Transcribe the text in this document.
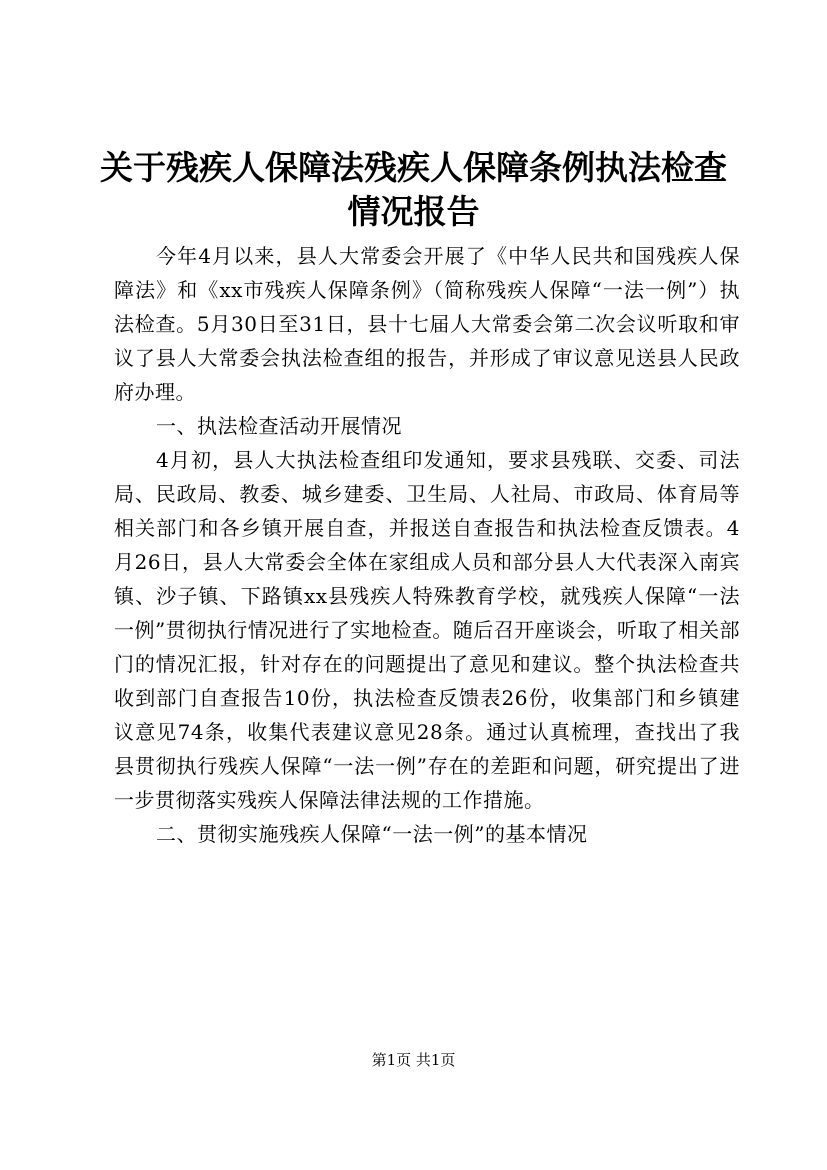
关于残疾人保障法残疾人保障条例执法检查情况报告

今年4月以来，县人大常委会开展了《中华人民共和国残疾人保障法》和《xx市残疾人保障条例》（简称残疾人保障“一法一例”）执法检查。5月30日至31日，县十七届人大常委会第二次会议听取和审议了县人大常委会执法检查组的报告，并形成了审议意见送县人民政府办理。

一、执法检查活动开展情况

4月初，县人大执法检查组印发通知，要求县残联、交委、司法局、民政局、教委、城乡建委、卫生局、人社局、市政局、体育局等相关部门和各乡镇开展自查，并报送自查报告和执法检查反馈表。4月26日，县人大常委会全体在家组成人员和部分县人大代表深入南宾镇、沙子镇、下路镇xx县残疾人特殊教育学校，就残疾人保障“一法一例”贯彻执行情况进行了实地检查。随后召开座谈会，听取了相关部门的情况汇报，针对存在的问题提出了意见和建议。整个执法检查共收到部门自查报告10份，执法检查反馈表26份，收集部门和乡镇建议意见74条，收集代表建议意见28条。通过认真梳理，查找出了我县贯彻执行残疾人保障“一法一例”存在的差距和问题，研究提出了进一步贯彻落实残疾人保障法律法规的工作措施。

二、贯彻实施残疾人保障“一法一例”的基本情况

第1页 共1页
